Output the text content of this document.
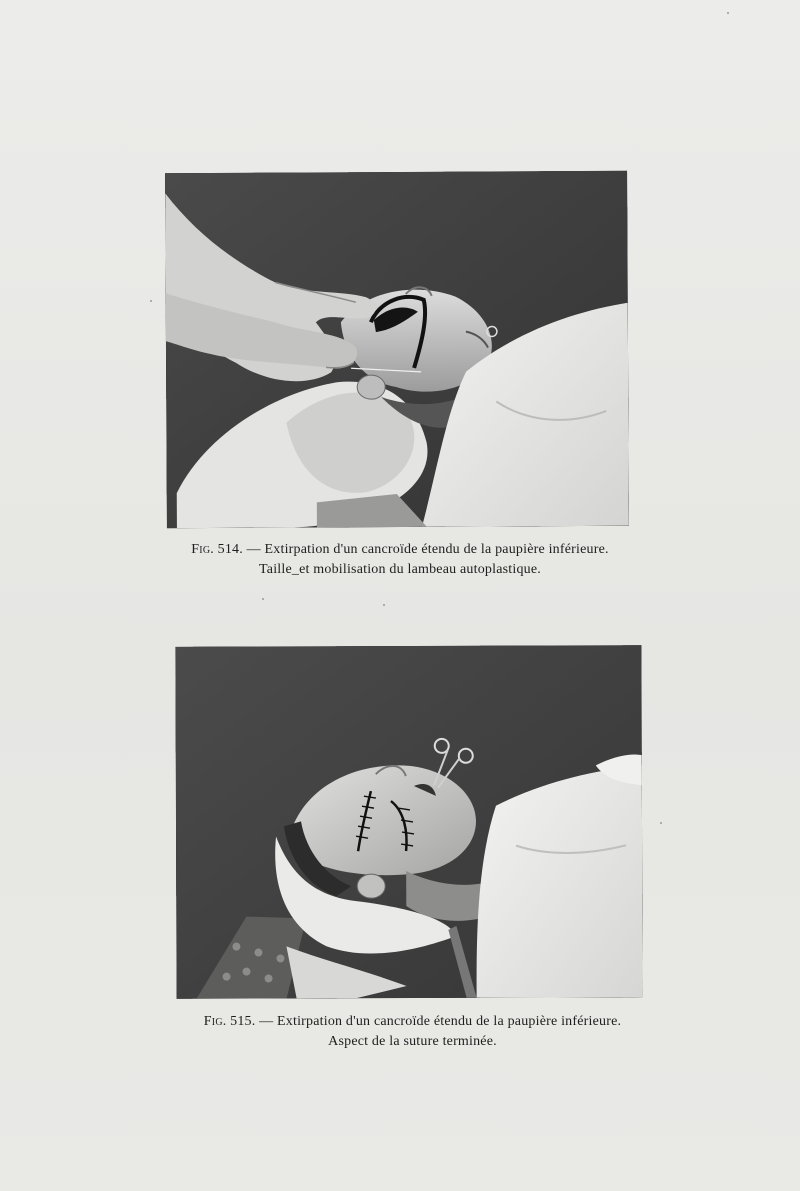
Fig. 514. — Extirpation d'un cancroïde étendu de la paupière inférieure.
Taille_et mobilisation du lambeau autoplastique.
Fig. 515. — Extirpation d'un cancroïde étendu de la paupière inférieure.
Aspect de la suture terminée.
